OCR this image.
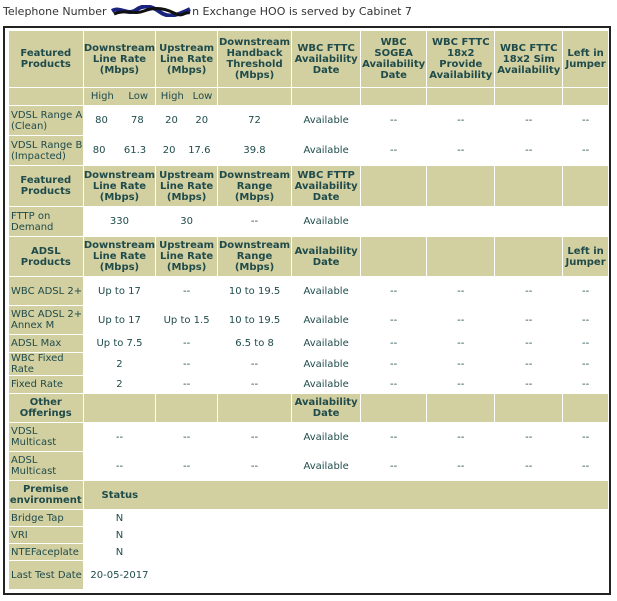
Telephone Number	n Exchange HOO is served by Cabinet 7
Featured Products	Downstream Line Rate (Mbps)	Upstream Line Rate (Mbps)	Downstream Handback Threshold (Mbps)	WBC FTTC Availability Date	WBC SOGEA Availability Date	WBC FTTC 18x2 Provide Availability	WBC FTTC 18x2 Sim Availability	Left in Jumper

	High Low	High Low						

VDSL Range A (Clean)	80 78	20 20	72	Available	--	--	--	--
VDSL Range B (Impacted)	80 61.3	20 17.6	39.8	Available	--	--	--	--
Featured Products	Downstream Line Rate (Mbps)	Upstream Line Rate (Mbps)	Downstream Range (Mbps)	WBC FTTP Availability Date				
FTTP on Demand	330	30	--	Available				
ADSL Products	Downstream Line Rate (Mbps)	Upstream Line Rate (Mbps)	Downstream Range (Mbps)	Availability Date				Left in Jumper
WBC ADSL 2+	Up to 17	--	10 to 19.5	Available	--	--	--	--
WBC ADSL 2+ Annex M	Up to 17	Up to 1.5	10 to 19.5	Available	--	--	--	--
ADSL Max	Up to 7.5	--	6.5 to 8	Available	--	--	--	--
WBC Fixed Rate	2	--	--	Available	--	--	--	--
Fixed Rate	2	--	--	Available	--	--	--	--
Other Offerings				Availability Date				
VDSL Multicast	--	--	--	Available	--	--	--	--
ADSL Multicast	--	--	--	Available	--	--	--	--
Premise environment	Status							
Bridge Tap	N							
VRI	N							
NTEFaceplate	N							
Last Test Date	20-05-2017							
